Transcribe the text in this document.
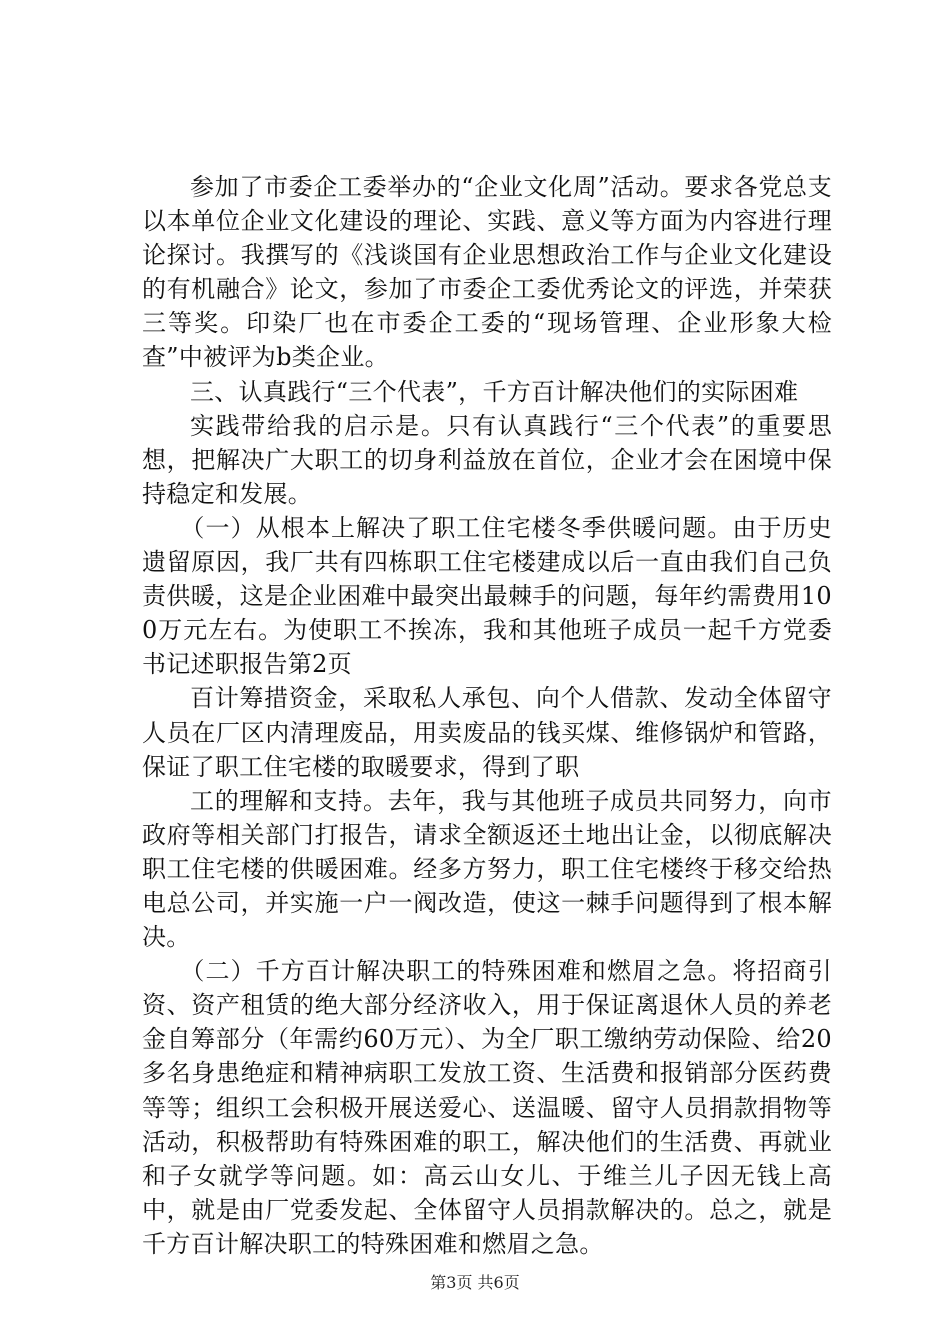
参加了市委企工委举办的“企业文化周”活动。要求各党总支以本单位企业文化建设的理论、实践、意义等方面为内容进行理论探讨。我撰写的《浅谈国有企业思想政治工作与企业文化建设的有机融合》论文，参加了市委企工委优秀论文的评选，并荣获三等奖。印染厂也在市委企工委的“现场管理、企业形象大检查”中被评为b类企业。

三、认真践行“三个代表”，千方百计解决他们的实际困难

实践带给我的启示是。只有认真践行“三个代表”的重要思想，把解决广大职工的切身利益放在首位，企业才会在困境中保持稳定和发展。

（一）从根本上解决了职工住宅楼冬季供暖问题。由于历史遗留原因，我厂共有四栋职工住宅楼建成以后一直由我们自己负责供暖，这是企业困难中最突出最棘手的问题，每年约需费用100万元左右。为使职工不挨冻，我和其他班子成员一起千方党委书记述职报告第2页

百计筹措资金，采取私人承包、向个人借款、发动全体留守人员在厂区内清理废品，用卖废品的钱买煤、维修锅炉和管路，保证了职工住宅楼的取暖要求，得到了职

工的理解和支持。去年，我与其他班子成员共同努力，向市政府等相关部门打报告，请求全额返还土地出让金，以彻底解决职工住宅楼的供暖困难。经多方努力，职工住宅楼终于移交给热电总公司，并实施一户一阀改造，使这一棘手问题得到了根本解决。

（二）千方百计解决职工的特殊困难和燃眉之急。将招商引资、资产租赁的绝大部分经济收入，用于保证离退休人员的养老金自筹部分（年需约60万元）、为全厂职工缴纳劳动保险、给20多名身患绝症和精神病职工发放工资、生活费和报销部分医药费等等；组织工会积极开展送爱心、送温暖、留守人员捐款捐物等活动，积极帮助有特殊困难的职工，解决他们的生活费、再就业和子女就学等问题。如：高云山女儿、于维兰儿子因无钱上高中，就是由厂党委发起、全体留守人员捐款解决的。总之，就是千方百计解决职工的特殊困难和燃眉之急。

第3页 共6页
